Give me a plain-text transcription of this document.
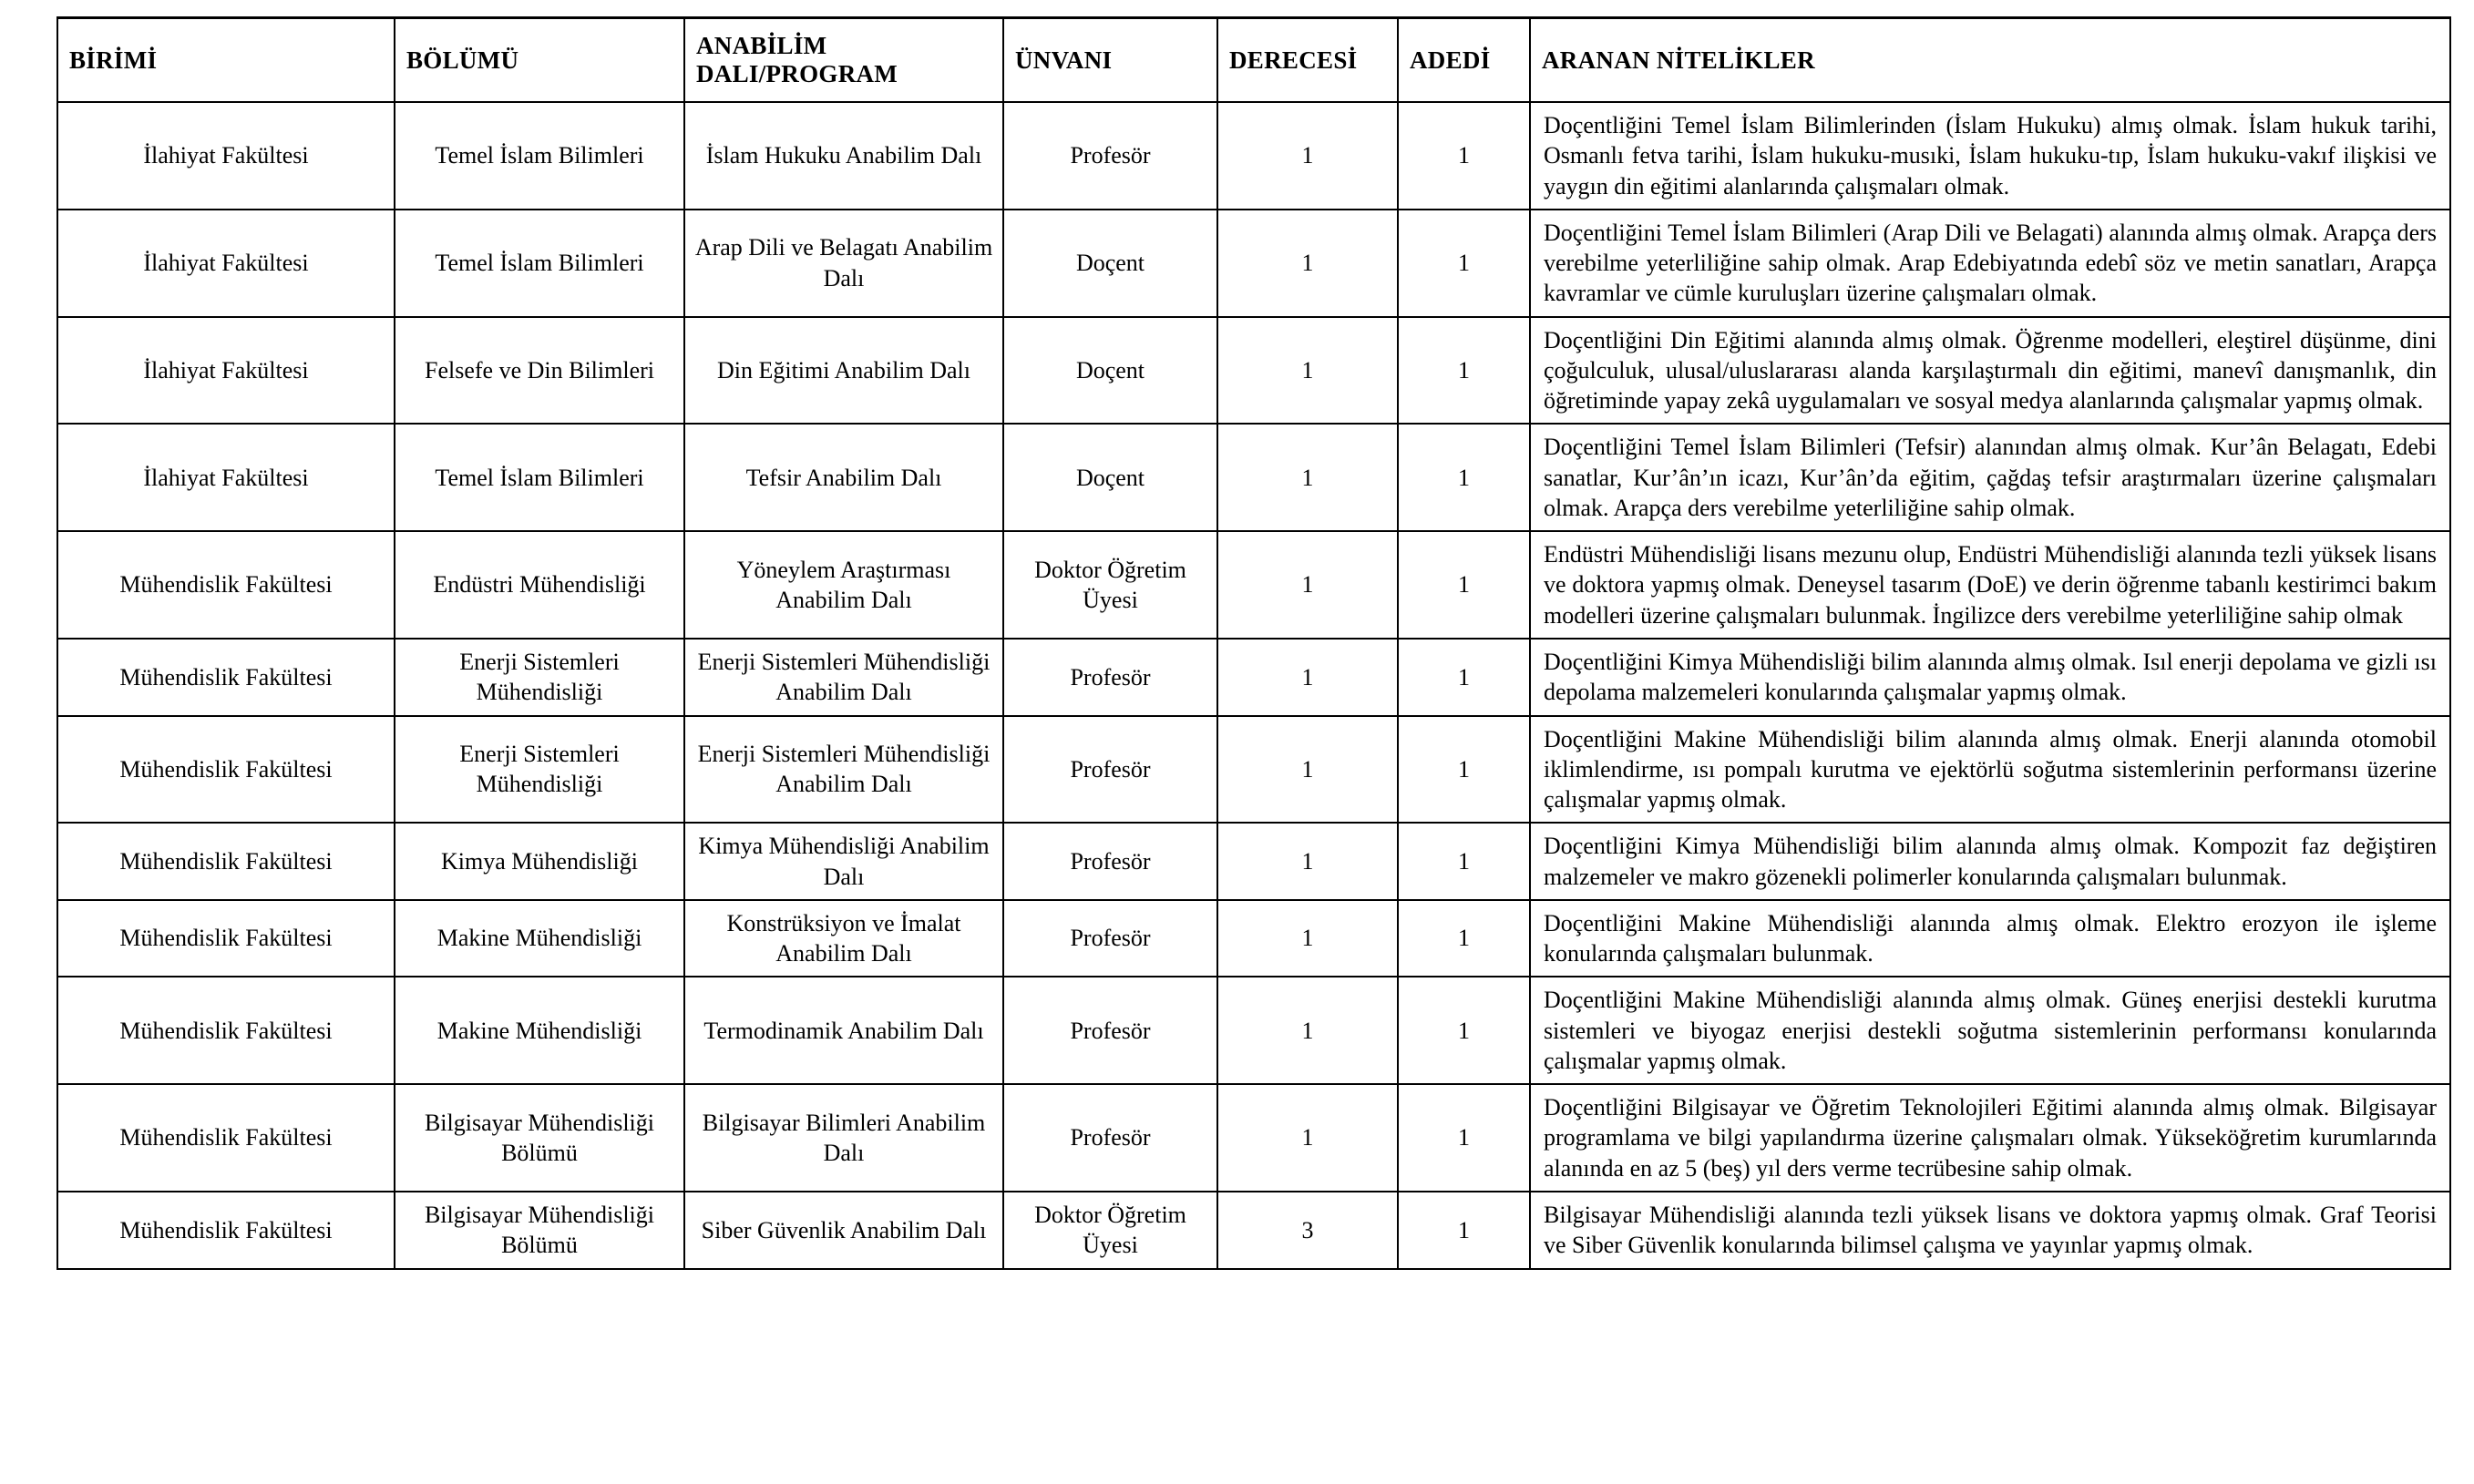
BİRİMİ	BÖLÜMÜ	ANABİLİM DALI/PROGRAM	ÜNVANI	DERECESİ	ADEDİ	ARANAN NİTELİKLER
İlahiyat Fakültesi	Temel İslam Bilimleri	İslam Hukuku Anabilim Dalı	Profesör	1	1	Doçentliğini Temel İslam Bilimlerinden (İslam Hukuku) almış olmak. İslam hukuk tarihi, Osmanlı fetva tarihi, İslam hukuku-musıki, İslam hukuku-tıp, İslam hukuku-vakıf ilişkisi ve yaygın din eğitimi alanlarında çalışmaları olmak.
İlahiyat Fakültesi	Temel İslam Bilimleri	Arap Dili ve Belagatı Anabilim Dalı	Doçent	1	1	Doçentliğini Temel İslam Bilimleri (Arap Dili ve Belagati) alanında almış olmak. Arapça ders verebilme yeterliliğine sahip olmak. Arap Edebiyatında edebî söz ve metin sanatları, Arapça kavramlar ve cümle kuruluşları üzerine çalışmaları olmak.
İlahiyat Fakültesi	Felsefe ve Din Bilimleri	Din Eğitimi Anabilim Dalı	Doçent	1	1	Doçentliğini Din Eğitimi alanında almış olmak. Öğrenme modelleri, eleştirel düşünme, dini çoğulculuk, ulusal/uluslararası alanda karşılaştırmalı din eğitimi, manevî danışmanlık, din öğretiminde yapay zekâ uygulamaları ve sosyal medya alanlarında çalışmalar yapmış olmak.
İlahiyat Fakültesi	Temel İslam Bilimleri	Tefsir Anabilim Dalı	Doçent	1	1	Doçentliğini Temel İslam Bilimleri (Tefsir) alanından almış olmak. Kur’ân Belagatı, Edebi sanatlar, Kur’ân’ın icazı, Kur’ân’da eğitim, çağdaş tefsir araştırmaları üzerine çalışmaları olmak. Arapça ders verebilme yeterliliğine sahip olmak.
Mühendislik Fakültesi	Endüstri Mühendisliği	Yöneylem Araştırması Anabilim Dalı	Doktor Öğretim Üyesi	1	1	Endüstri Mühendisliği lisans mezunu olup, Endüstri Mühendisliği alanında tezli yüksek lisans ve doktora yapmış olmak. Deneysel tasarım (DoE) ve derin öğrenme tabanlı kestirimci bakım modelleri üzerine çalışmaları bulunmak. İngilizce ders verebilme yeterliliğine sahip olmak
Mühendislik Fakültesi	Enerji Sistemleri Mühendisliği	Enerji Sistemleri Mühendisliği Anabilim Dalı	Profesör	1	1	Doçentliğini Kimya Mühendisliği bilim alanında almış olmak. Isıl enerji depolama ve gizli ısı depolama malzemeleri konularında çalışmalar yapmış olmak.
Mühendislik Fakültesi	Enerji Sistemleri Mühendisliği	Enerji Sistemleri Mühendisliği Anabilim Dalı	Profesör	1	1	Doçentliğini Makine Mühendisliği bilim alanında almış olmak. Enerji alanında otomobil iklimlendirme, ısı pompalı kurutma ve ejektörlü soğutma sistemlerinin performansı üzerine çalışmalar yapmış olmak.
Mühendislik Fakültesi	Kimya Mühendisliği	Kimya Mühendisliği Anabilim Dalı	Profesör	1	1	Doçentliğini Kimya Mühendisliği bilim alanında almış olmak. Kompozit faz değiştiren malzemeler ve makro gözenekli polimerler konularında çalışmaları bulunmak.
Mühendislik Fakültesi	Makine Mühendisliği	Konstrüksiyon ve İmalat Anabilim Dalı	Profesör	1	1	Doçentliğini Makine Mühendisliği alanında almış olmak. Elektro erozyon ile işleme konularında çalışmaları bulunmak.
Mühendislik Fakültesi	Makine Mühendisliği	Termodinamik Anabilim Dalı	Profesör	1	1	Doçentliğini Makine Mühendisliği alanında almış olmak. Güneş enerjisi destekli kurutma sistemleri ve biyogaz enerjisi destekli soğutma sistemlerinin performansı konularında çalışmalar yapmış olmak.
Mühendislik Fakültesi	Bilgisayar Mühendisliği Bölümü	Bilgisayar Bilimleri Anabilim Dalı	Profesör	1	1	Doçentliğini Bilgisayar ve Öğretim Teknolojileri Eğitimi alanında almış olmak. Bilgisayar programlama ve bilgi yapılandırma üzerine çalışmaları olmak. Yükseköğretim kurumlarında alanında en az 5 (beş) yıl ders verme tecrübesine sahip olmak.
Mühendislik Fakültesi	Bilgisayar Mühendisliği Bölümü	Siber Güvenlik Anabilim Dalı	Doktor Öğretim Üyesi	3	1	Bilgisayar Mühendisliği alanında tezli yüksek lisans ve doktora yapmış olmak. Graf Teorisi ve Siber Güvenlik konularında bilimsel çalışma ve yayınlar yapmış olmak.
